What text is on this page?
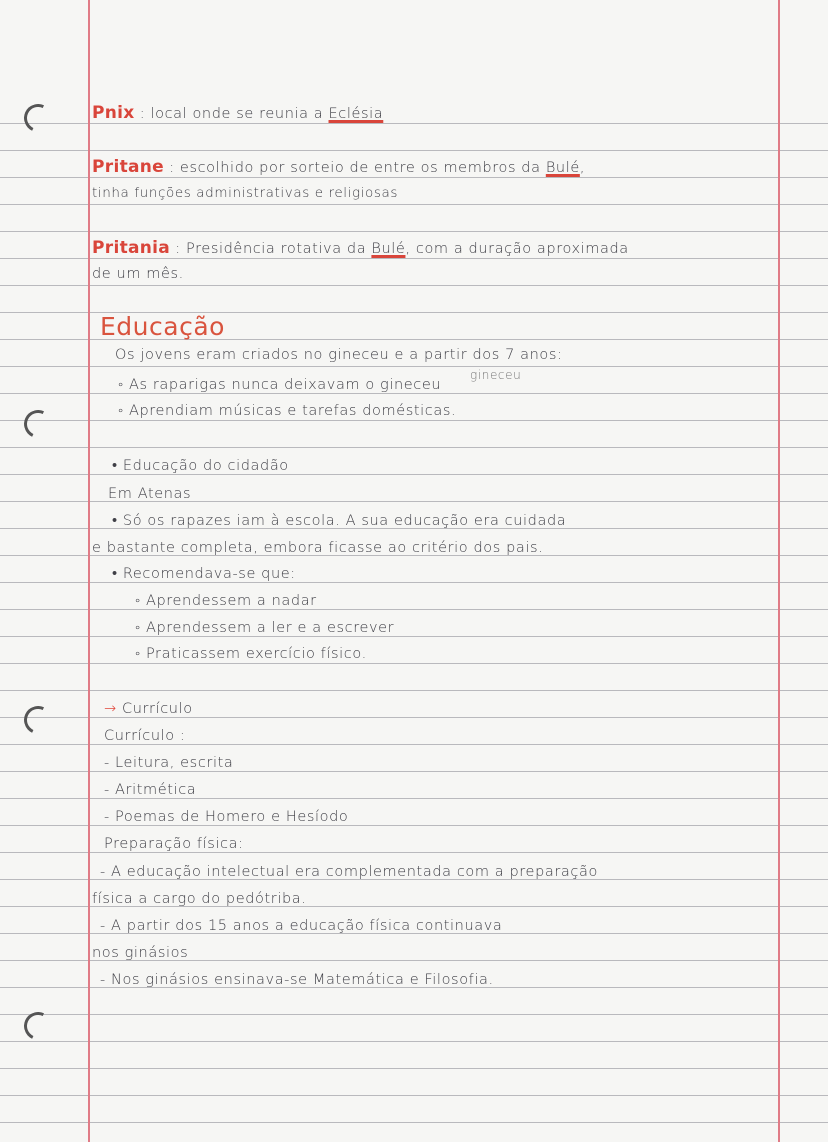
Pnix : local onde se reunia a Eclésia
Pritane : escolhido por sorteio de entre os membros da Bulé,
tinha funções administrativas e religiosas
Pritania : Presidência rotativa da Bulé, com a duração aproximada
de um mês.
Educação
Os jovens eram criados no gineceu e a partir dos 7 anos:
gineceu
◦ As raparigas nunca deixavam o gineceu
◦ Aprendiam músicas e tarefas domésticas.
• Educação do cidadão
Em Atenas
• Só os rapazes iam à escola. A sua educação era cuidada
e bastante completa, embora ficasse ao critério dos pais.
• Recomendava-se que:
◦ Aprendessem a nadar
◦ Aprendessem a ler e a escrever
◦ Praticassem exercício físico.
→ Currículo
Currículo :
- Leitura, escrita
- Aritmética
- Poemas de Homero e Hesíodo
Preparação física:
- A educação intelectual era complementada com a preparação
física a cargo do pedótriba.
- A partir dos 15 anos a educação física continuava
nos ginásios
- Nos ginásios ensinava-se Matemática e Filosofia.
